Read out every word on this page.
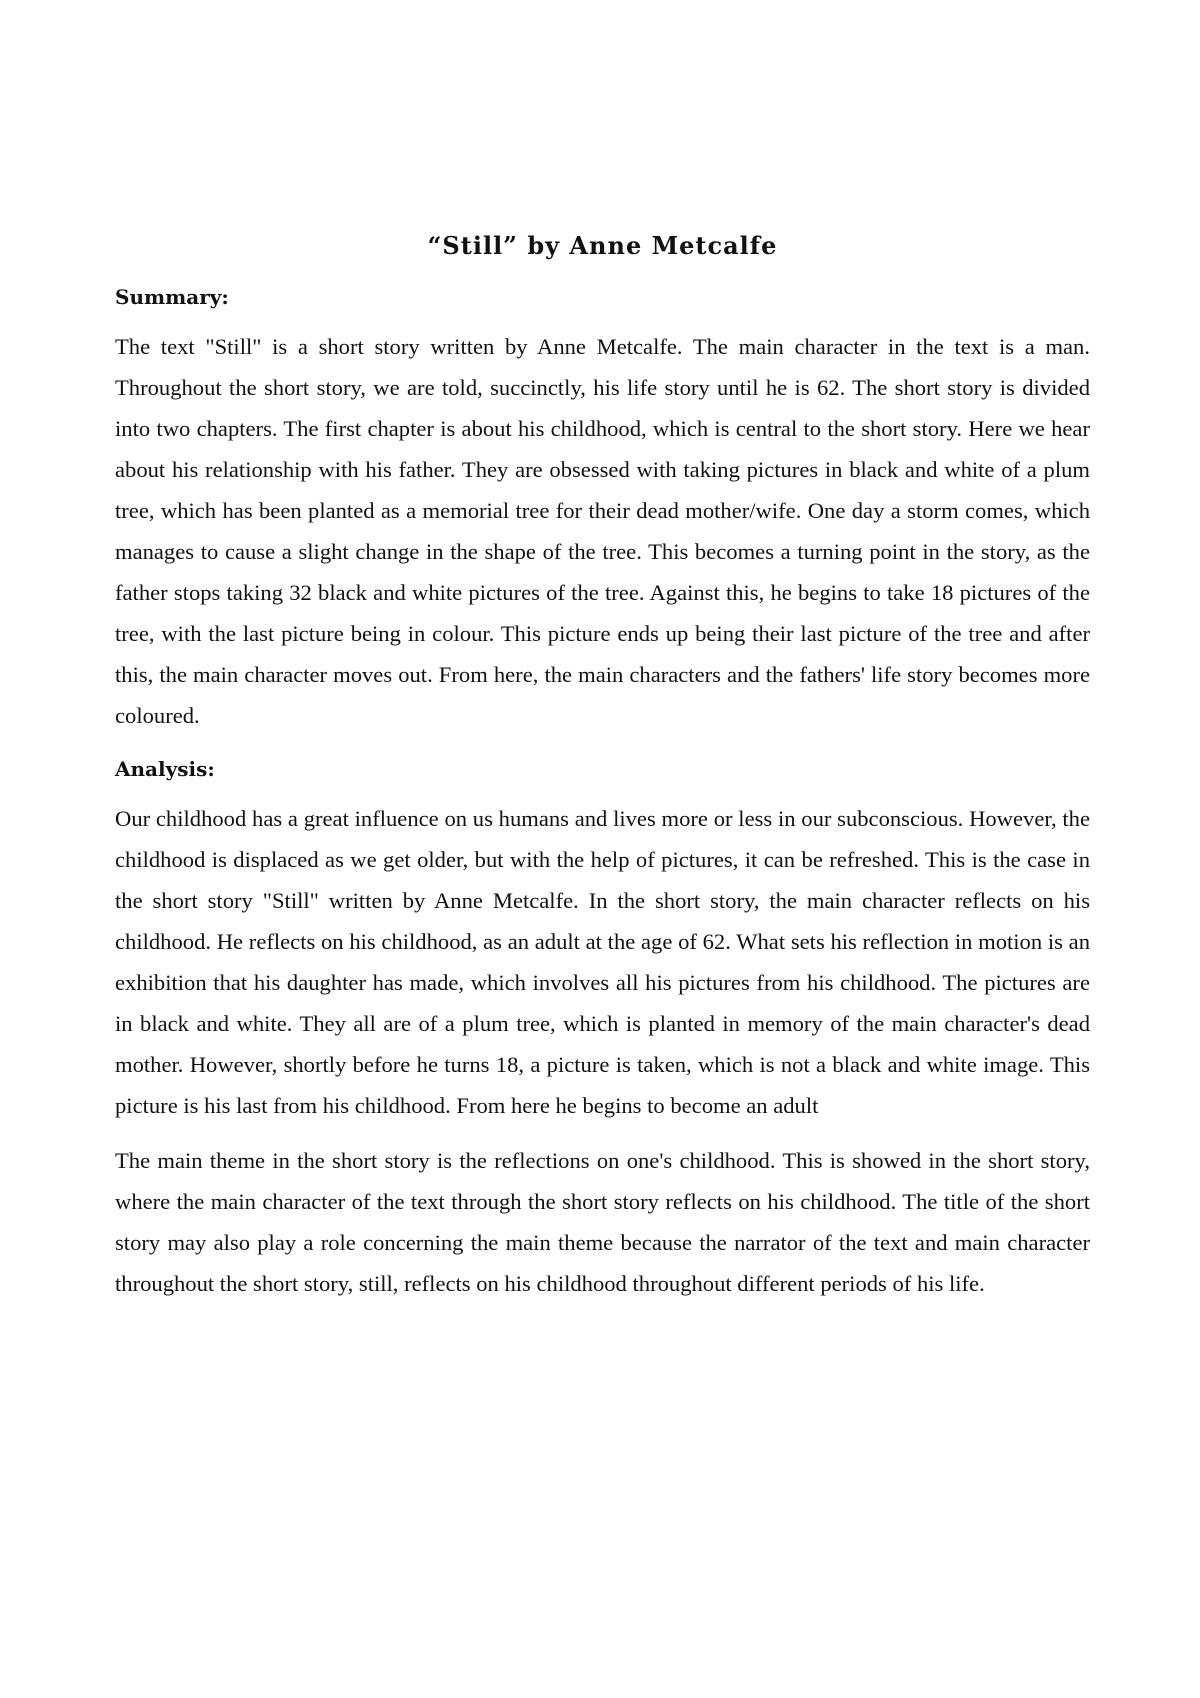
“Still” by Anne Metcalfe
Summary:

The text "Still" is a short story written by Anne Metcalfe. The main character in the text is a man. Throughout the short story, we are told, succinctly, his life story until he is 62. The short story is divided into two chapters. The first chapter is about his childhood, which is central to the short story. Here we hear about his relationship with his father. They are obsessed with taking pictures in black and white of a plum tree, which has been planted as a memorial tree for their dead mother/wife. One day a storm comes, which manages to cause a slight change in the shape of the tree. This becomes a turning point in the story, as the father stops taking 32 black and white pictures of the tree. Against this, he begins to take 18 pictures of the tree, with the last picture being in colour. This picture ends up being their last picture of the tree and after this, the main character moves out. From here, the main characters and the fathers' life story becomes more coloured.

Analysis:

Our childhood has a great influence on us humans and lives more or less in our subconscious. However, the childhood is displaced as we get older, but with the help of pictures, it can be refreshed. This is the case in the short story "Still" written by Anne Metcalfe. In the short story, the main character reflects on his childhood. He reflects on his childhood, as an adult at the age of 62. What sets his reflection in motion is an exhibition that his daughter has made, which involves all his pictures from his childhood. The pictures are in black and white. They all are of a plum tree, which is planted in memory of the main character's dead mother. However, shortly before he turns 18, a picture is taken, which is not a black and white image. This picture is his last from his childhood. From here he begins to become an adult

The main theme in the short story is the reflections on one's childhood. This is showed in the short story, where the main character of the text through the short story reflects on his childhood. The title of the short story may also play a role concerning the main theme because the narrator of the text and main character throughout the short story, still, reflects on his childhood throughout different periods of his life.
